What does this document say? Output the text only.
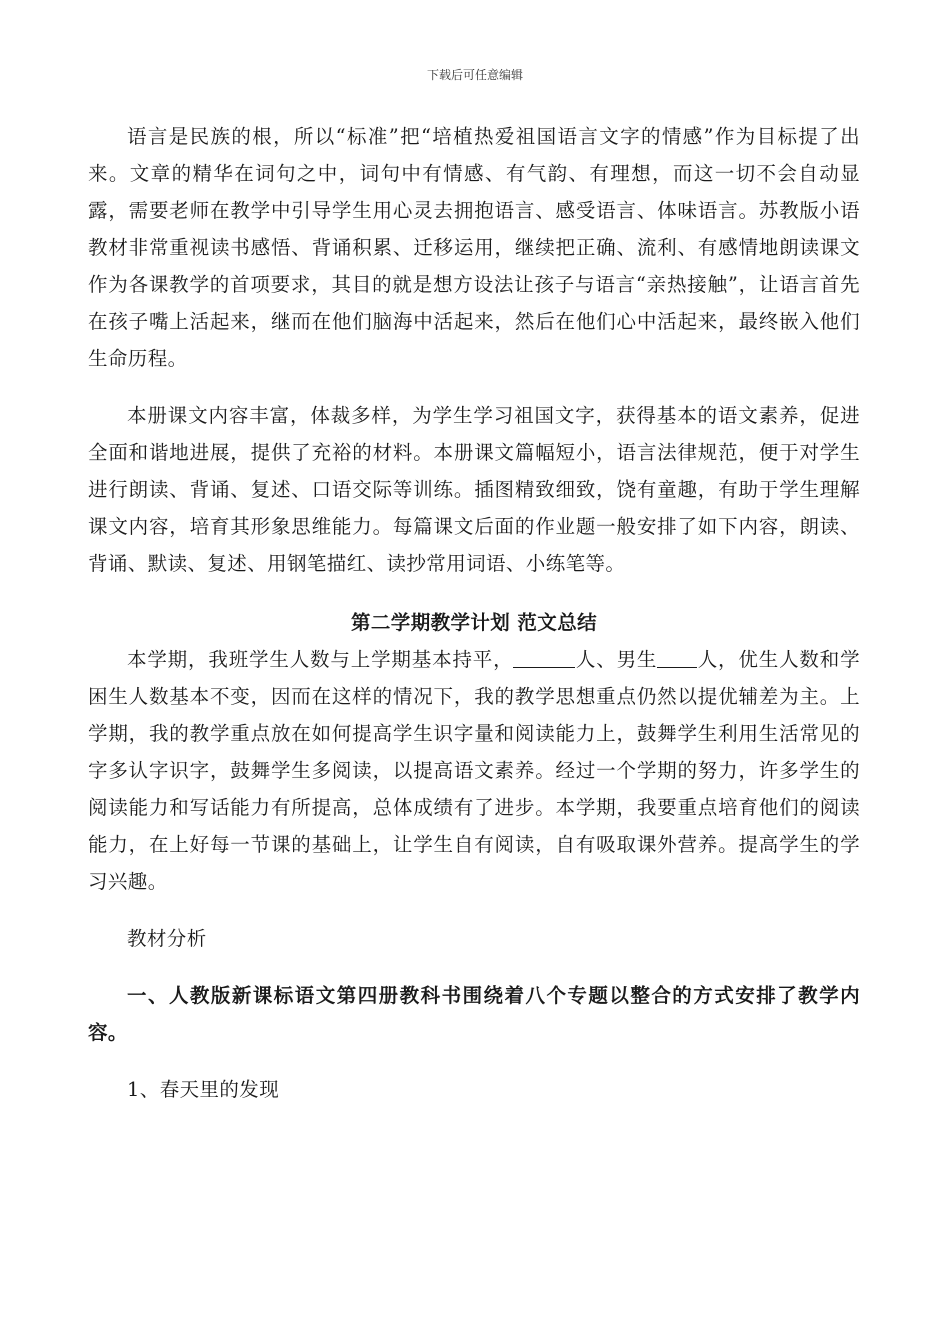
下载后可任意编辑

语言是民族的根，所以“标准”把“培植热爱祖国语言文字的情感”作为目标提了出来。文章的精华在词句之中，词句中有情感、有气韵、有理想，而这一切不会自动显露，需要老师在教学中引导学生用心灵去拥抱语言、感受语言、体味语言。苏教版小语教材非常重视读书感悟、背诵积累、迁移运用，继续把正确、流利、有感情地朗读课文作为各课教学的首项要求，其目的就是想方设法让孩子与语言“亲热接触”，让语言首先在孩子嘴上活起来，继而在他们脑海中活起来，然后在他们心中活起来，最终嵌入他们生命历程。

本册课文内容丰富，体裁多样，为学生学习祖国文字，获得基本的语文素养，促进全面和谐地进展，提供了充裕的材料。本册课文篇幅短小，语言法律规范，便于对学生进行朗读、背诵、复述、口语交际等训练。插图精致细致，饶有童趣，有助于学生理解课文内容，培育其形象思维能力。每篇课文后面的作业题一般安排了如下内容，朗读、背诵、默读、复述、用钢笔描红、读抄常用词语、小练笔等。

第二学期教学计划 范文总结

本学期，我班学生人数与上学期基本持平，	人、男生 人，优生人数和学困生人数基本不变，因而在这样的情况下，我的教学思想重点仍然以提优辅差为主。上学期，我的教学重点放在如何提高学生识字量和阅读能力上，鼓舞学生利用生活常见的字多认字识字，鼓舞学生多阅读，以提高语文素养。经过一个学期的努力，许多学生的阅读能力和写话能力有所提高，总体成绩有了进步。本学期，我要重点培育他们的阅读能力，在上好每一节课的基础上，让学生自有阅读，自有吸取课外营养。提高学生的学习兴趣。

教材分析

一、人教版新课标语文第四册教科书围绕着八个专题以整合的方式安排了教学内容。

1、春天里的发现
